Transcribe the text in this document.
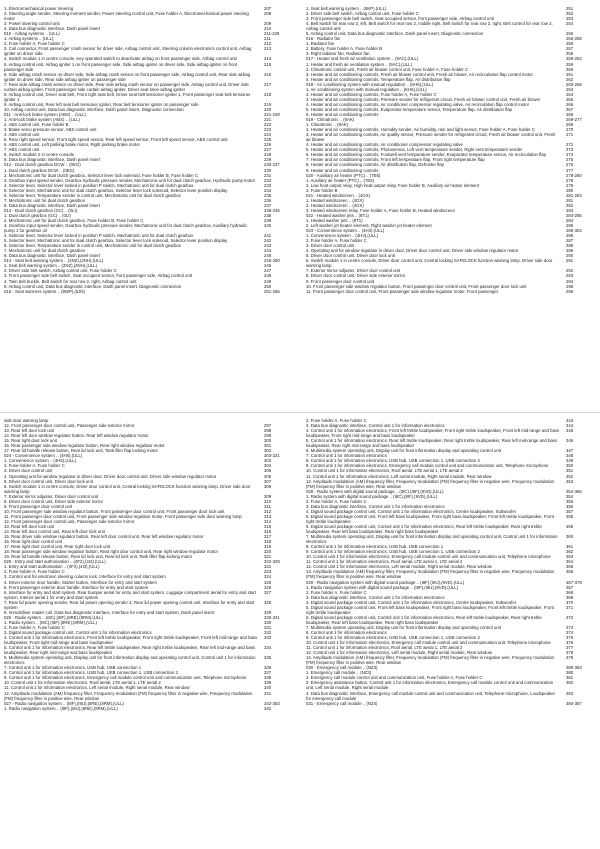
1. Electromechanical power steering	207
2. Steering angle sender, Steering moment sender, Power steering control unit, Fuse holder A, Electromechanical power steering motor
208
3. Power steering control unit	209
4. Data bus diagnostic interface, Dash panel insert	210
010 - Airbag systems .. (ULL)	211-228
1. Airbag systems .. (ULL)	211
2. Fuse holder A, Fuse holder C	212
3. Coil connector, Front passenger crash sensor for driver side, Airbag control unit, Steering column electronics control unit, Airbag igniter on driver side
213
4. Switch module 1 in centre console, Key operated switch to deactivate airbag on front passenger side, Airbag control unit	214
5. Airbag control unit, Airbag igniter 1 on front passenger side, Side airbag igniter on driver side, Side airbag igniter on front passenger side
215
6. Side airbag crash sensor on driver side, Side airbag crash sensor on front passenger side, Airbag control unit, Rear side airbag igniter on driver side, Rear side airbag igniter on passenger side
216
7. Rear side airbag crash sensor on driver side, Rear side airbag crash sensor on passenger side, Airbag control unit, Driver side curtain airbag igniter, Front passenger side curtain airbag igniter, Driver seat knee airbag igniter
217
8. Airbag control unit, Driver seat belt, Front right seat belt, Driver seat belt tensioner igniter 1, Front passenger seat belt tensioner igniter 1
218
9. Airbag control unit, Rear left seat belt tensioner igniter, Rear belt tensioner igniter on passenger side	219
10. Airbag control unit, Data bus diagnostic interface, Dash panel insert, Diagnostic connection	220
011 - Anti-lock brake system (ABS) .. (ULL)	221-228
1. Anti-lock brake system (ABS) .. (ULL)	221
2. ABS control unit, Fuse holder B	222
3. Brake servo pressure sensor, ABS control unit	223
4. ABS control unit	224
5. Rear right speed sensor, Front right speed sensor, Rear left speed sensor, Front left speed sensor, ABS control unit	225
6. ABS control unit, Left parking brake motor, Right parking brake motor	226
7. ABS control unit	227
8. Switch module 2 in centre console	228
9. Data bus diagnostic interface, Dash panel insert	229
012 - Dual clutch gearbox DCW .. (0EG)	230-237
1. Dual clutch gearbox DCW .. (0EG)	230
2. Mechatronic unit for dual clutch gearbox, Selector lever lock solenoid, Fuse holder B, Fuse holder C	231
3. Gearbox input speed sender, Gearbox hydraulic pressure sender, Mechatronic unit for dual clutch gearbox, Hydraulic pump motor 232
4. Selector lever, Selector lever locked in position P switch, Mechatronic unit for dual clutch gearbox	233
5. Selector lever, Mechatronic unit for dual clutch gearbox, Selector lever lock solenoid, Selector lever position display	234
6. Selector lever, Temperature sender in control unit, Mechatronic unit for dual clutch gearbox	235
7. Mechatronic unit for dual clutch gearbox	236
8. Data bus diagnostic interface, Dash panel insert	237
013 - Dual clutch gearbox (GC) .. (0LI)	238-245
1. Dual clutch gearbox (GC) .. (0LI)	238
2. Mechatronic unit for dual clutch gearbox, Fuse holder B, Fuse holder C	239
3. Gearbox input speed sender, Gearbox hydraulic pressure sender, Mechatronic unit for dual clutch gearbox, Auxiliary hydraulic pump 1 for gearbox oil
240
4. Selector lever, Selector lever locked in position P switch, Mechatronic unit for dual clutch gearbox	241
5. Selector lever, Mechatronic unit for dual clutch gearbox, Selector lever lock solenoid, Selector lever position display	242
6. Selector lever, Temperature sender in control unit, Mechatronic unit for dual clutch gearbox	243
7. Mechatronic unit for dual clutch gearbox	244
8. Data bus diagnostic interface, Dash panel insert	245
014 - Seat belt warning system .. (2NZ),(2NH),(ULL)	246-250
1. Seat belt warning system .. (2NZ),(2NH),(ULL)	246
2. Driver side belt switch, Airbag control unit, Fuse holder C	247
3. Front passenger side belt switch, Seat occupied sensor, front passenger side, Airbag control unit	248
4. Twin belt buckle, Belt switch for rear row 2, right, Airbag control unit	249
5. Airbag control unit, Data bus diagnostic interface, Dash panel insert, Diagnostic connection	250
015 - Seat warmers system .. (9WP),(6JN)	251-256
1. Seat belt warning system .. (8KP),(ULL)	251
2. Driver side belt switch, Airbag control unit, Fuse holder C	252
3. Front passenger side belt switch, Seat occupied sensor, front passenger side, Airbag control unit	253
4. Belt switch for rear row 2, left, Belt switch for rear row 2, middle right, Belt switch for rear row 2, right, Belt control for rear row 2, Airbag control unit
254
5. Airbag control unit, Data bus diagnostic interface, Dash panel insert, Diagnostic connection	255
016 - Radiator fan	256-258
1. Radiator fan	256
2. Battery, Fuse holder A, Fuse holder B	257
3. Right radiator fan, Radiator fan	258
017 - Heater and fresh air ventilation system .. (9AC),(ULL)	259-262
1. Heater and fresh air ventilation system .. (9AC),(ULL)	259
2. Climatronic control unit, Fresh air blower control unit, Fuse holder A, Fuse holder C	260
3. Heater and air conditioning controls, Fresh air blower control unit, Fresh air blower, Air recirculation flap control motor	261
4. Heater and air conditioning controls, Temperature flap, Air distribution flap	262
018 - Air conditioning system with manual regulation .. (KH6),(ULL)	263-268
1. Air conditioning system with manual regulation .. (KH6),(ULL)	263
2. Heater and air conditioning controls, Fuse holder A, Fuse holder C	264
3. Heater and air conditioning controls, Pressure sender for refrigerant circuit, Fresh air blower control unit, Fresh air blower	265
4. Heater and air conditioning controls, Air conditioner compressor regulating valve, Air recirculation flap control motor	266
5. Heater and air conditioning controls, Evaporator temperature sensor, Temperature flap, Air distribution flap	267
6. Heater and air conditioning controls	268
019 - Climatronic .. (9AK)	269-277
1. Climatronic .. (9AK)	269
2. Heater and air conditioning controls, Humidity sender, Air humidity, rain and light sensor, Fuse holder A, Fuse holder C	270
3. Heater and air conditioning controls, Air quality sensor, Pressure sender for refrigerant circuit, Fresh air blower control unit, Fresh air blower
271
4. Heater and air conditioning controls, Air conditioner compressor regulating valve	272
5. Heater and air conditioning controls, Photosensor, Left vent temperature sender, Right vent temperature sender	273
6. Heater and air conditioning controls, Footwell vent temperature sender, Evaporator temperature sensor, Air recirculation flap	274
7. Heater and air conditioning controls, Front left temperature flap, Front right temperature flap	275
8. Heater and air conditioning controls, Air distribution flap, Defroster flap	276
9. Heater and air conditioning controls	277
020 - Auxiliary air heater (PTC) .. (7E6)	278-280
1. Auxiliary air heater (PTC) .. (7E6)	278
2. Low heat output relay, High heat output relay, Fuse holder B, Auxiliary air heater element	279
3. Fuse holder B	280
021 - Heated windscreen .. (4GX)	281-283
1. Heated windscreen .. (4GX)	281
2. Heated windscreen .. (4GX)	282
3. Heated windscreen relay, Fuse holder A, Fuse holder B, Heated windscreen	283
022 - Heated washer jets .. (8T1)	284-285
1. Heated washer jets .. (8T1)	284
2. Left washer jet heater element, Right washer jet heater element	285
023 - Convenience system .. (4H3),(ULL)	286-302
1. Convenience system .. (4H3),(ULL)	286
2. Fuse holder A, Fuse holder C	287
3. Driver door control unit	288
4. Operating unit for window regulator in driver door, Driver door control unit, Driver side window regulator motor	289
5. Driver door control unit, Driver door lock unit	290
6. Switch module 1 in centre console, Driver door control unit, Central locking SAFELOCK function warning lamp, Driver side door warning lamp
291
7. Exterior mirror adjuster, Driver door control unit	292
8. Driver door control unit, Driver side exterior mirror	293
9. Front passenger door control unit	294
10. Front passenger side window regulator button, Front passenger door control unit, Front passenger door lock unit	295
11. Front passenger door control unit, Front passenger side window regulator motor, Front passenger	296
side door warning lamp
12. Front passenger door control unit, Passenger side exterior mirror	297
13. Rear left door lock unit	298
14. Rear left door window regulator button, Rear left window regulator motor	299
15. Rear right door lock unit	300
16. Rear passenger side window regulator button, Rear right window regulator motor	301
17. Rear lid handle release button, Rear lid lock unit, Tank filler flap locking motor	302
024 - Convenience system .. (4H5),(ULL)	303-321
1. Convenience system .. (4H5),(ULL)	303
2. Fuse holder A, Fuse holder C	304
3. Driver door control unit	305
4. Operating unit for window regulator in driver door, Driver door control unit, Driver side window regulator motor	306
5. Driver door control unit, Driver door lock unit	307
6. Switch module 1 in centre console, Driver door control unit, Central locking SAFELOCK function warning lamp, Driver side door warning lamp
308
7. Exterior mirror adjuster, Driver door control unit	309
8. Driver door control unit, Driver side exterior mirror	310
9. Front passenger door control unit	311
10. Front passenger side window regulator button, Front passenger door control unit, Front passenger door lock unit	312
11. Front passenger door control unit, Front passenger side window regulator motor, Front passenger side door warning lamp	313
12. Front passenger door control unit, Passenger side exterior mirror	314
13. Rear left door lock unit	315
14. Rear left door control unit, Rear left door lock unit	316
15. Rear driver side window regulator button, Rear left door control unit, Rear left window regulator motor	317
16. Rear right door control unit	318
17. Rear right door control unit, Rear right door lock unit	319
18. Rear passenger side window regulator button, Rear right door control unit, Rear right window regulator motor	320
19. Rear lid handle release button, Rear lid lock unit, Rear lid lock unit, Tank filler flap locking motor	321
025 - Entry and start authorisation .. (4F2),(4I3),(ULL)	322-329
1. Entry and start authorisation .. (4F2),(4I3),(ULL)	322
2. Fuse holder A, Fuse holder C	323
3. Control unit for electronic steering column lock, Interface for entry and start system	324
4. Driver exterior door handle, Starter button, Interface for entry and start system	325
5. Front passenger exterior door handle, Interface for entry and start system	326
6. Interface for entry and start system, Rear bumper aerial for entry and start system, Luggage compartment aerial for entry and start system, Interior aerial 1 for entry and start system
327
7. Rear lid power opening sender, Rear lid power opening sender 2, Rear lid power opening control unit, Interface for entry and start system
328
8. Immobiliser reader coil, Data bus diagnostic interface, Interface for entry and start system, Dash panel insert	329
026 - Radio system .. (I8C),(I8F),(8RE),(8RM),(ULL)	330-341
1. Radio system .. (I8C),(I8F),(8RE),(8RM),(ULL)	330
2. Fuse holder A, Fuse holder C	331
3. Digital sound package control unit, Control unit 1 for information electronics	332
4. Control unit 1 for information electronics, Front left treble loudspeaker, Front right treble loudspeaker, Front left mid-range and bass loudspeaker, Front right mid-range and bass loudspeaker
333
5. Control unit 1 for information electronics, Rear left treble loudspeaker, Rear right treble loudspeaker, Rear left mid-range and bass loudspeaker, Rear right mid-range and bass loudspeaker
334
6. Multimedia system operating unit, Display unit for front information display and operating control unit, Control unit 1 for information electronics
335
7. Control unit 1 for information electronics, USB hub, USB connection 1	336
8. Control unit 1 for information electronics, USB hub, USB connection 1, USB connection 2	337
9. Control unit 1 for information electronics, Emergency call module control unit and communication unit, Telephone microphone	338
10. Control unit 1 for information electronics, Roof aerial, LTE aerial 1, LTE aerial 2	339
11. Control unit 1 for information electronics, Left serial module, Right serial module, Rear window	340
12. Amplitude modulation (AM) frequency filter, Frequency modulation (FM) frequency filter in negative wire, Frequency modulation (FM) frequency filter in positive wire, Rear window
341
027 - Radio navigation system .. (I8F),(I8U),(8RE),(8RM),(ULL)	342-353
1. Radio navigation system .. (I8F),(I8U),(8RE),(8RM),(ULL)	342
2. Fuse holder A, Fuse holder C	343
3. Data bus diagnostic interface, Control unit 1 for information electronics	344
4. Control unit 1 for information electronics, Front left treble loudspeaker, Front right treble loudspeaker, Front left mid-range and bass loudspeaker, Front right mid-range and bass loudspeaker
345
5. Control unit 1 for information electronics, Rear left treble loudspeaker, Rear right treble loudspeaker, Rear left mid-range and bass loudspeaker, Rear right mid-range and bass loudspeaker
346
6. Multimedia system operating unit, Display unit for front information display and operating control unit	347
7. Control unit 1 for information electronics	348
8. Control unit 1 for information electronics, USB hub, USB connection 1, USB connection 2	349
9. Control unit 1 for information electronics, Emergency call module control unit and communication unit, Telephone microphone	350
10. Control unit 1 for information electronics, Roof aerial, LTE aerial 1, LTE aerial 2	351
11. Control unit 1 for information electronics, Left serial module, Right serial module, Rear window	352
12. Amplitude modulation (AM) frequency filter, Frequency modulation (FM) frequency filter in negative wire, Frequency modulation (FM) frequency filter in positive wire, Rear window
353
028 - Radio system with digital sound package .. (I8C),(I8F),(9VD),(ULL)	354-366
1. Radio system with digital sound package .. (I8C),(I8F),(9VD),(ULL)	354
2. Fuse holder A, Fuse holder C	355
3. Data bus diagnostic interface, Control unit 1 for information electronics	356
4. Digital sound package control unit, Control unit 1 for information electronics, Centre loudspeaker, Subwoofer	357
5. Digital sound package control unit, Front left bass loudspeaker, Front right bass loudspeaker, Front left treble loudspeaker, Front right treble loudspeaker
358
6. Digital sound package control unit, Control unit 1 for information electronics, Rear left treble loudspeaker, Rear right treble loudspeaker, Rear left bass loudspeaker, Rear right bass loudspeaker
359
7. Multimedia system operating unit, Display unit for front information display and operating control unit, Control unit 1 for information electronics
360
8. Control unit 1 for information electronics, USB hub, USB connection 1	361
9. Control unit 1 for information electronics, USB hub, USB connection 1, USB connection 2	362
10. Control unit 1 for information electronics, Emergency call module control unit and communication unit, Telephone microphone	363
11. Control unit 1 for information electronics, Roof aerial, LTE aerial 1, LTE aerial 2	364
12. Control unit 1 for information electronics, Left serial module, Right serial module, Rear window	365
13. Amplitude modulation (AM) frequency filter, Frequency modulation (FM) frequency filter in negative wire, Frequency modulation (FM) frequency filter in positive wire, Rear window
366
029 - Radio navigation system with digital sound package .. (I8F),(I8U),(9VD),(ULL)	367-379
1. Radio navigation system with digital sound package .. (I8F),(I8U),(9VD),(ULL)	367
2. Fuse holder A, Fuse holder C	368
3. Data bus diagnostic interface, Control unit 1 for information electronics	369
4. Digital sound package control unit, Control unit 1 for information electronics, Centre loudspeaker, Subwoofer	370
5. Digital sound package control unit, Front left bass loudspeaker, Front right bass loudspeaker, Front left treble loudspeaker, Front right treble loudspeaker
371
6. Digital sound package control unit, Control unit 1 for information electronics, Rear left treble loudspeaker, Rear right treble loudspeaker, Rear left bass loudspeaker, Rear right bass loudspeaker
372
7. Multimedia system operating unit, Display unit for front information display and operating control unit	373
8. Control unit 1 for information electronics	374
9. Control unit 1 for information electronics, USB hub, USB connection 1, USB connection 2	375
10. Control unit 1 for information electronics, Emergency call module control unit and communication unit, Telephone microphone	376
11. Control unit 1 for information electronics, Roof aerial, LTE aerial 1, LTE aerial 2	377
12. Control unit 1 for information electronics, Left serial module, Right serial module, Rear window	378
13. Amplitude modulation (AM) frequency filter, Frequency modulation (FM) frequency filter in negative wire, Frequency modulation (FM) frequency filter in positive wire, Rear window
379
030 - Emergency call module .. (NZ3)	380-383
1. Emergency call module .. (NZ3)	380
2. Emergency call module control unit and communication unit, Fuse holder A, Fuse holder C	381
3. Emergency assistance button, Control unit 1 for information electronics, Emergency call module control unit and communication unit, Left serial module, Right serial module
382
4. Data bus diagnostic interface, Emergency call module control unit and communication unit, Telephone microphone, Loudspeaker for emergency call module
383
031 - Emergency call module .. (NZ4)	384-387
